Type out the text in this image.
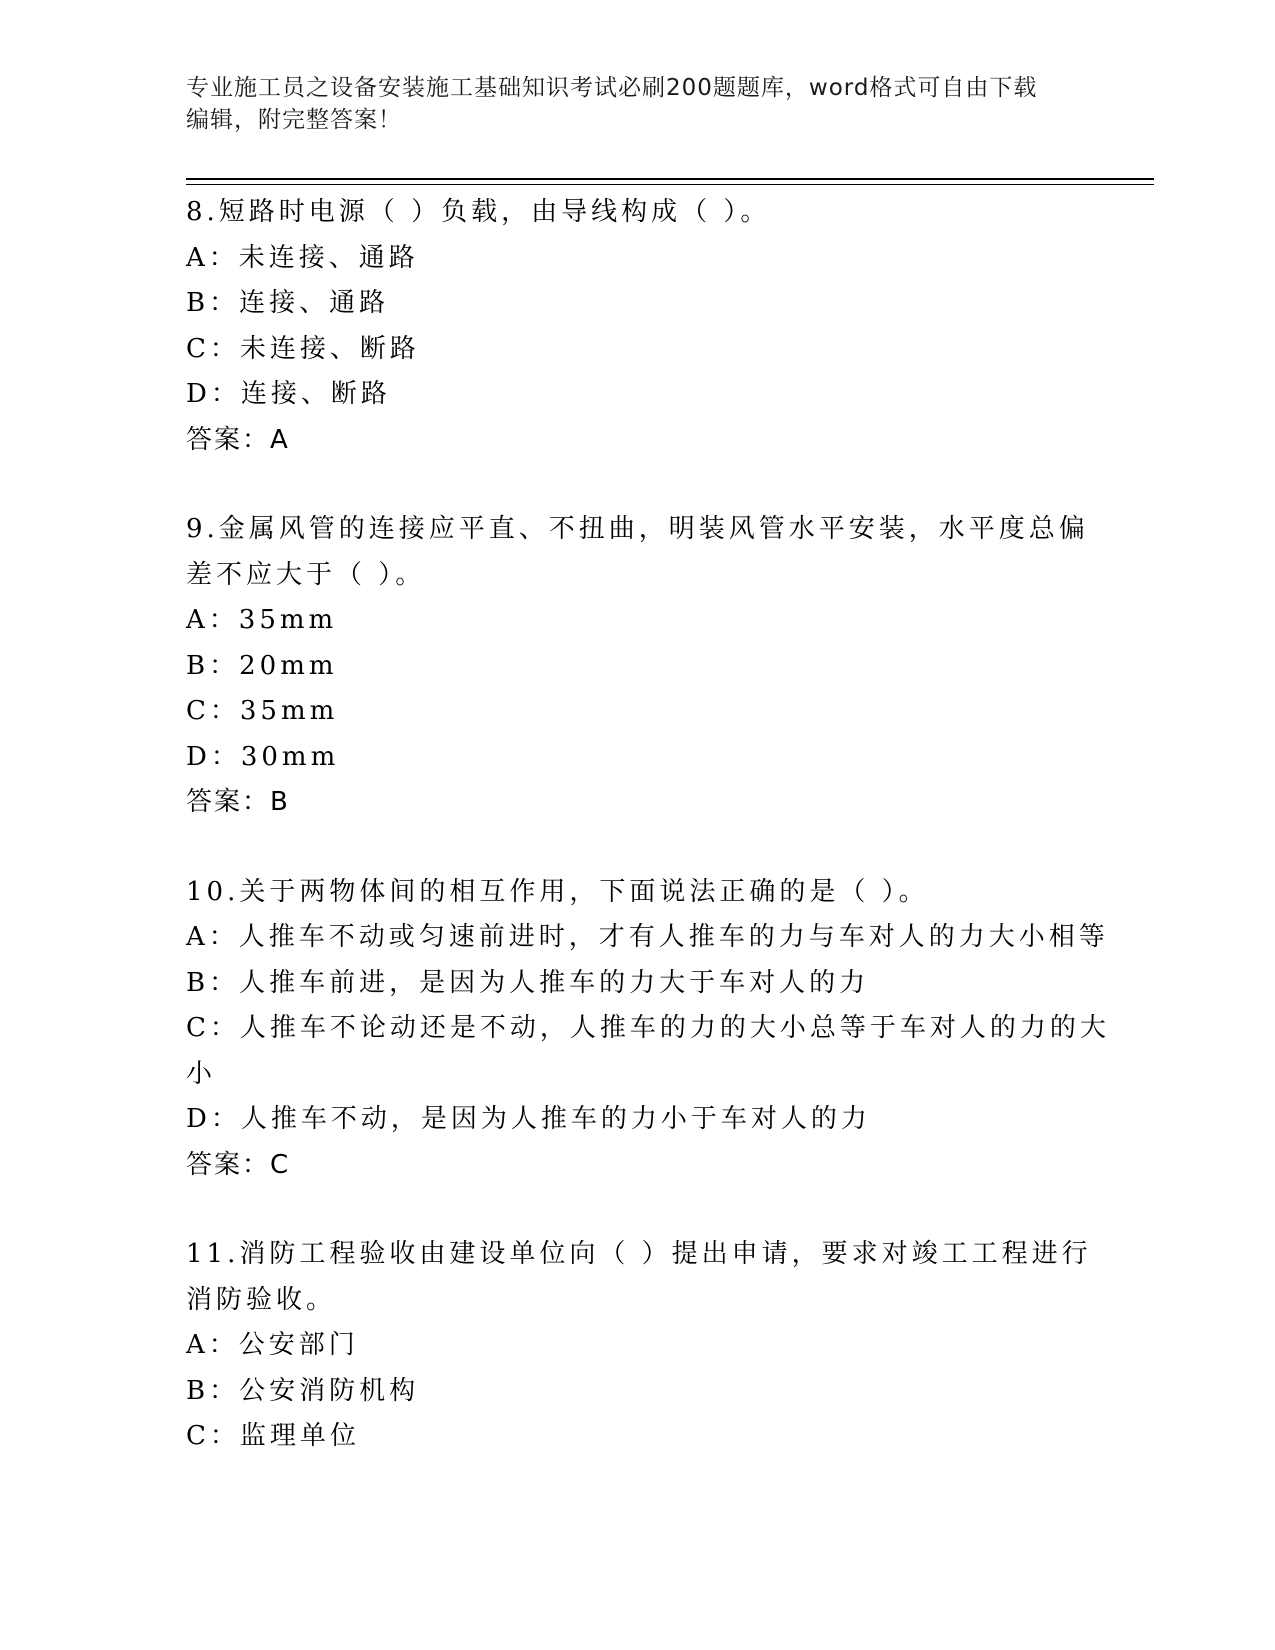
专业施工员之设备安装施工基础知识考试必刷200题题库，word格式可自由下载
编辑，附完整答案！
8.短路时电源（ ）负载，由导线构成（ ）。
A：未连接、通路
B：连接、通路
C：未连接、断路
D：连接、断路
答案：A
9.金属风管的连接应平直、不扭曲，明装风管水平安装，水平度总偏
差不应大于（ ）。
A：35mm
B：20mm
C：35mm
D：30mm
答案：B
10.关于两物体间的相互作用，下面说法正确的是（ ）。
A：人推车不动或匀速前进时，才有人推车的力与车对人的力大小相等
B：人推车前进，是因为人推车的力大于车对人的力
C：人推车不论动还是不动，人推车的力的大小总等于车对人的力的大
小
D：人推车不动，是因为人推车的力小于车对人的力
答案：C
11.消防工程验收由建设单位向（ ）提出申请，要求对竣工工程进行
消防验收。
A：公安部门
B：公安消防机构
C：监理单位
